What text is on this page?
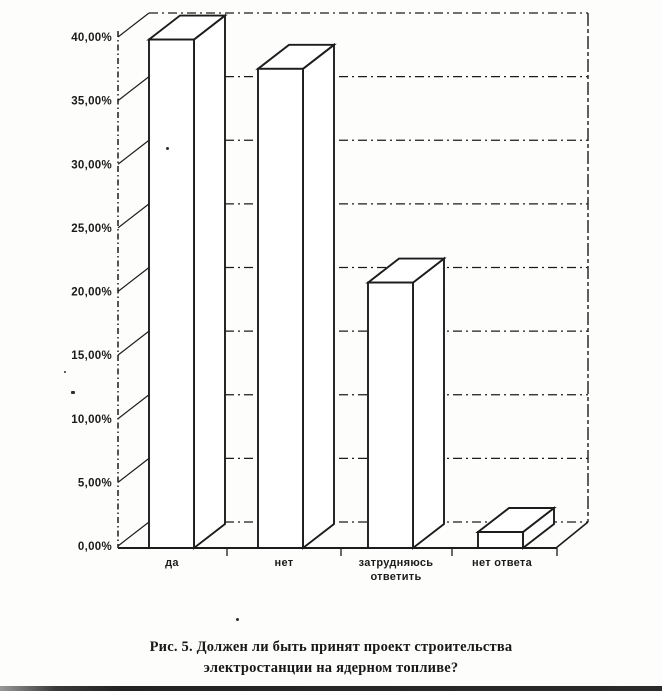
0,00%
5,00%
10,00%
15,00%
20,00%
25,00%
30,00%
35,00%
40,00%
да	нет	затрудняюсь
ответить
нет ответа
Рис. 5. Должен ли быть принят проект строительства
электростанции на ядерном топливе?
